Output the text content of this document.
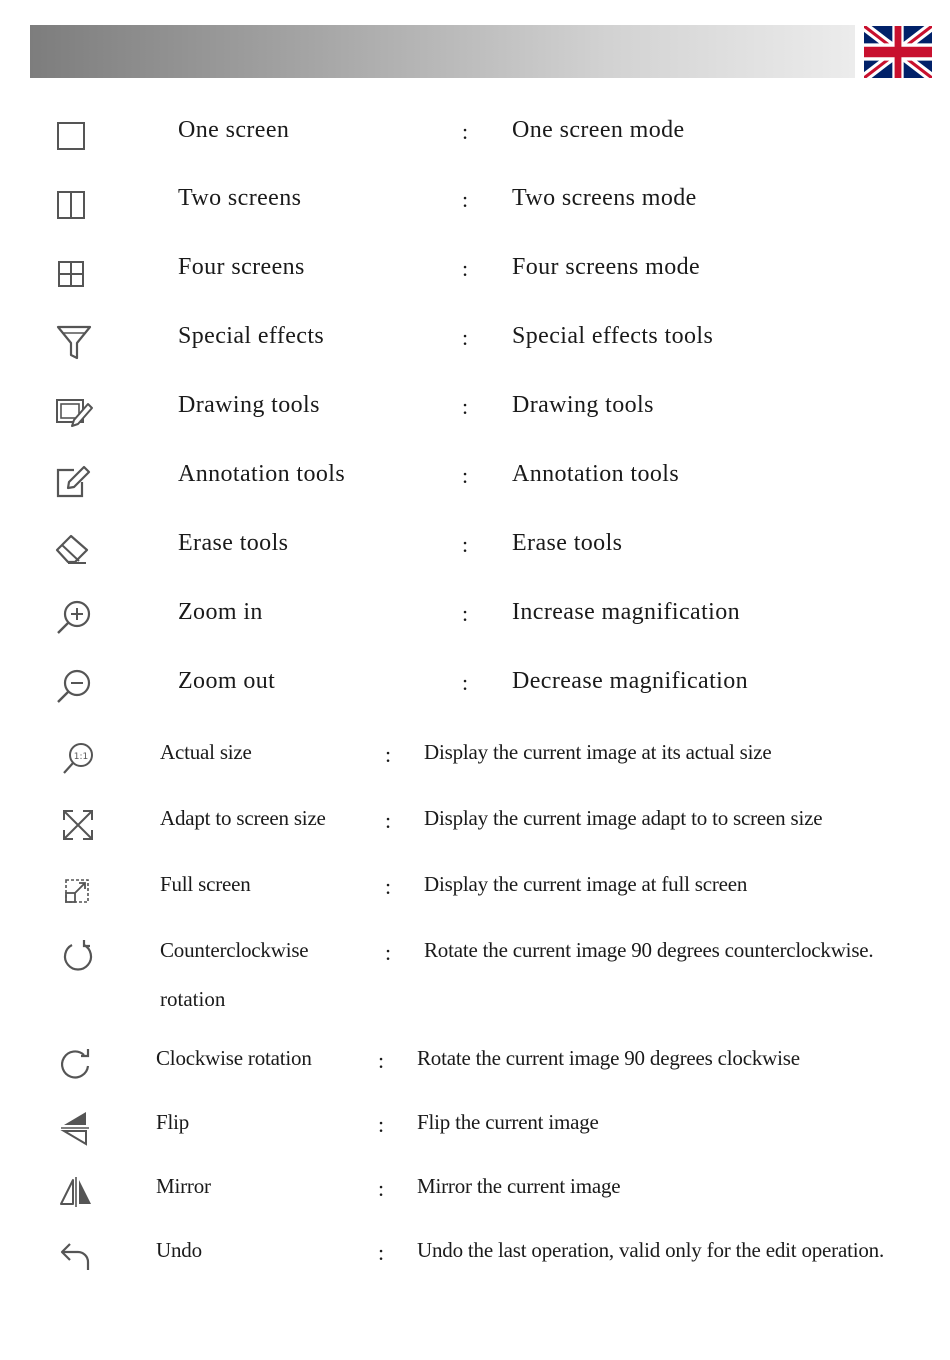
One screen	: One screen mode
Two screens	: Two screens mode
Four screens	: Four screens mode
Special effects	: Special effects tools
Drawing tools	: Drawing tools
Annotation tools	: Annotation tools
Erase tools	: Erase tools
Zoom in	: Increase magnification
Zoom out	: Decrease magnification
1:1	Actual size	: Display the current image at its actual size
Adapt to screen size	: Display the current image adapt to to screen size
Full screen	: Display the current image at full screen
Counterclockwise
rotation
: Rotate the current image 90 degrees counterclockwise.
Clockwise rotation	: Rotate the current image 90 degrees clockwise
Flip	: Flip the current image
Mirror	: Mirror the current image
Undo	: Undo the last operation, valid only for the edit operation.
